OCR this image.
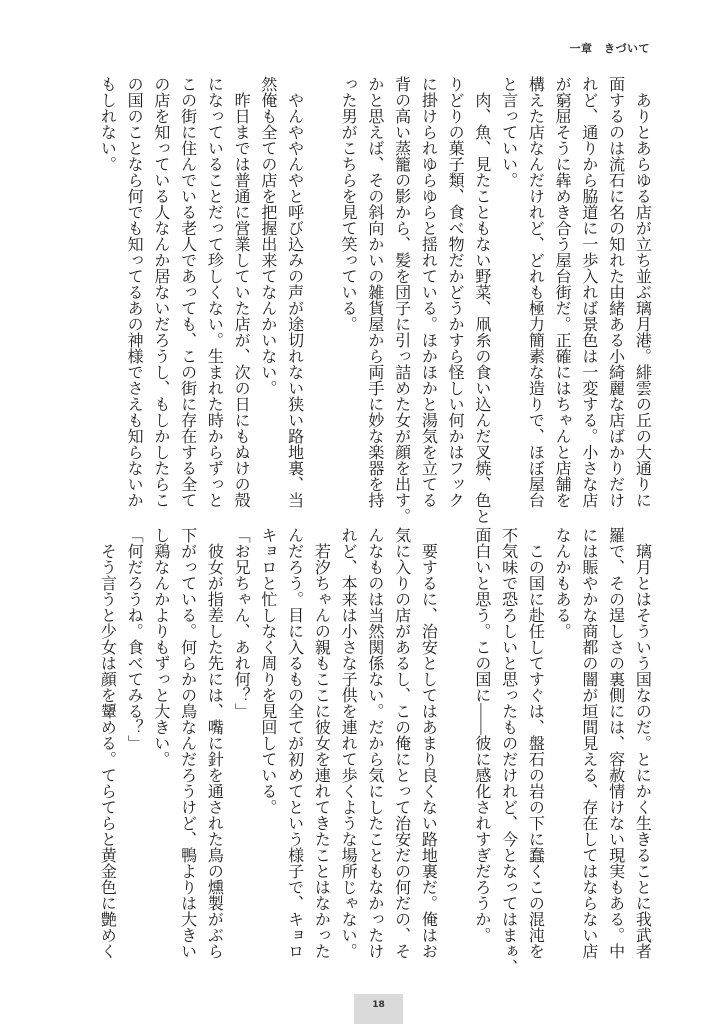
一章　きづいて
　ありとあらゆる店が立ち並ぶ璃月港。緋雲の丘の大通りに
面するのは流石に名の知れた由緒ある小綺麗な店ばかりだけ
れど、通りから脇道に一歩入れば景色は一変する。小さな店
が窮屈そうに犇めき合う屋台街だ。正確にはちゃんと店舗を
構えた店なんだけれど、どれも極力簡素な造りで、ほぼ屋台
と言っていい。
　肉、魚、見たこともない野菜、凧糸の食い込んだ叉焼、色と
りどりの菓子類、食べ物だかどうかすら怪しい何かはフック
に掛けられゆらゆらと揺れている。ほかほかと湯気を立てる
背の高い蒸籠の影から、髪を団子に引っ詰めた女が顔を出す。
かと思えば、その斜向かいの雑貨屋から両手に妙な楽器を持
った男がこちらを見て笑っている。
　やんややんやと呼び込みの声が途切れない狭い路地裏、当
然俺も全ての店を把握出来てなんかいない。
　昨日までは普通に営業していた店が、次の日にもぬけの殻
になっていることだって珍しくない。生まれた時からずっと
この街に住んでいる老人であっても、この街に存在する全て
の店を知っている人なんか居ないだろうし、もしかしたらこ
の国のことなら何でも知ってるあの神様でさえも知らないか
もしれない。
　璃月とはそういう国なのだ。とにかく生きることに我武者
羅で、その逞しさの裏側には、容赦情けない現実もある。中
には賑やかな商都の闇が垣間見える、存在してはならない店
なんかもある。
　この国に赴任してすぐは、盤石の岩の下に蠢くこの混沌を
不気味で恐ろしいと思ったものだけれど、今となってはまぁ、
面白いと思う。この国に――彼に感化されすぎだろうか。
　要するに、治安としてはあまり良くない路地裏だ。俺はお
気に入りの店があるし、この俺にとって治安だの何だの、そ
んなものは当然関係ない。だから気にしたこともなかったけ
れど、本来は小さな子供を連れて歩くような場所じゃない。
　若汐ちゃんの親もここに彼女を連れてきたことはなかった
んだろう。目に入るもの全てが初めてという様子で、キョロ
キョロと忙しなく周りを見回している。
「お兄ちゃん、あれ何？」
　彼女が指差した先には、嘴に針を通された鳥の燻製がぶら
下がっている。何らかの鳥なんだろうけど、鴨よりは大きい
し鶏なんかよりもずっと大きい。
「何だろうね。食べてみる？」
　そう言うと少女は顔を顰める。てらてらと黄金色に艶めく
18
